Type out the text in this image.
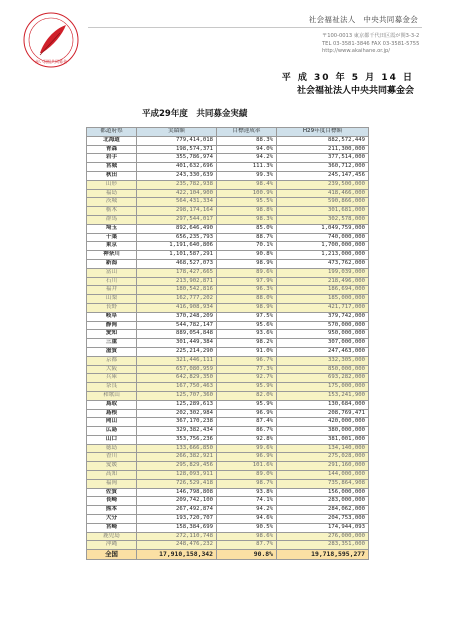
赤い羽根共同募金
社会福祉法人　中央共同募金会
〒100-0013 東京都千代田区霞が関3-3-2
TEL 03-3581-3846 FAX 03-3581-5755
http://www.akaihane.or.jp/
平 成 30 年 5 月 14 日
社会福祉法人中央共同募金会
平成29年度　共同募金実績
都道府県	実績額	目標達成率	H29年度目標額
北海道	779,414,018	88.3%	882,572,449
青森	198,574,371	94.0%	211,300,000
岩手	355,786,974	94.2%	377,514,000
宮城	401,632,696	111.3%	360,712,000
秋田	243,330,639	99.3%	245,147,456
山形	235,782,938	98.4%	239,500,000
福島	422,104,900	100.9%	418,466,000
茨城	564,431,334	95.5%	590,866,000
栃木	298,174,164	98.8%	301,681,000
群馬	297,544,017	98.3%	302,578,000
埼玉	892,646,490	85.0%	1,049,759,000
千葉	656,235,793	88.7%	740,000,000
東京	1,191,640,806	70.1%	1,700,000,000
神奈川	1,101,587,291	90.8%	1,213,000,000
新潟	468,527,073	98.9%	473,762,000
富山	178,427,665	89.6%	199,039,000
石川	213,902,871	97.9%	218,496,000
福井	180,542,816	96.3%	186,694,000
山梨	162,777,202	88.0%	185,000,000
長野	416,908,934	98.9%	421,717,000
岐阜	370,248,209	97.5%	379,742,000
静岡	544,782,147	95.6%	570,000,000
愛知	889,054,848	93.6%	950,000,000
三重	301,449,384	98.2%	307,000,000
滋賀	225,214,290	91.0%	247,463,000
京都	321,446,111	96.7%	332,305,000
大阪	657,080,959	77.3%	850,000,000
兵庫	642,829,350	92.7%	693,282,000
奈良	167,750,463	95.9%	175,000,000
和歌山	125,707,360	82.0%	153,241,900
鳥取	125,289,613	95.9%	130,684,000
島根	202,302,984	96.9%	208,769,471
岡山	367,170,238	87.4%	420,000,000
広島	329,382,434	86.7%	380,000,000
山口	353,756,236	92.8%	381,001,000
徳島	133,666,850	99.6%	134,140,000
香川	266,382,921	96.9%	275,028,000
愛媛	295,829,456	101.6%	291,160,000
高知	128,093,911	89.0%	144,000,000
福岡	726,529,418	98.7%	735,864,908
佐賀	146,798,808	93.8%	156,000,000
長崎	209,742,100	74.1%	283,000,000
熊本	267,492,874	94.2%	284,062,000
大分	193,720,707	94.6%	204,753,000
宮崎	158,384,699	90.5%	174,944,093
鹿児島	272,110,748	98.6%	276,000,000
沖縄	248,476,232	87.7%	283,351,000
全国	17,910,158,342	90.8%	19,718,595,277
